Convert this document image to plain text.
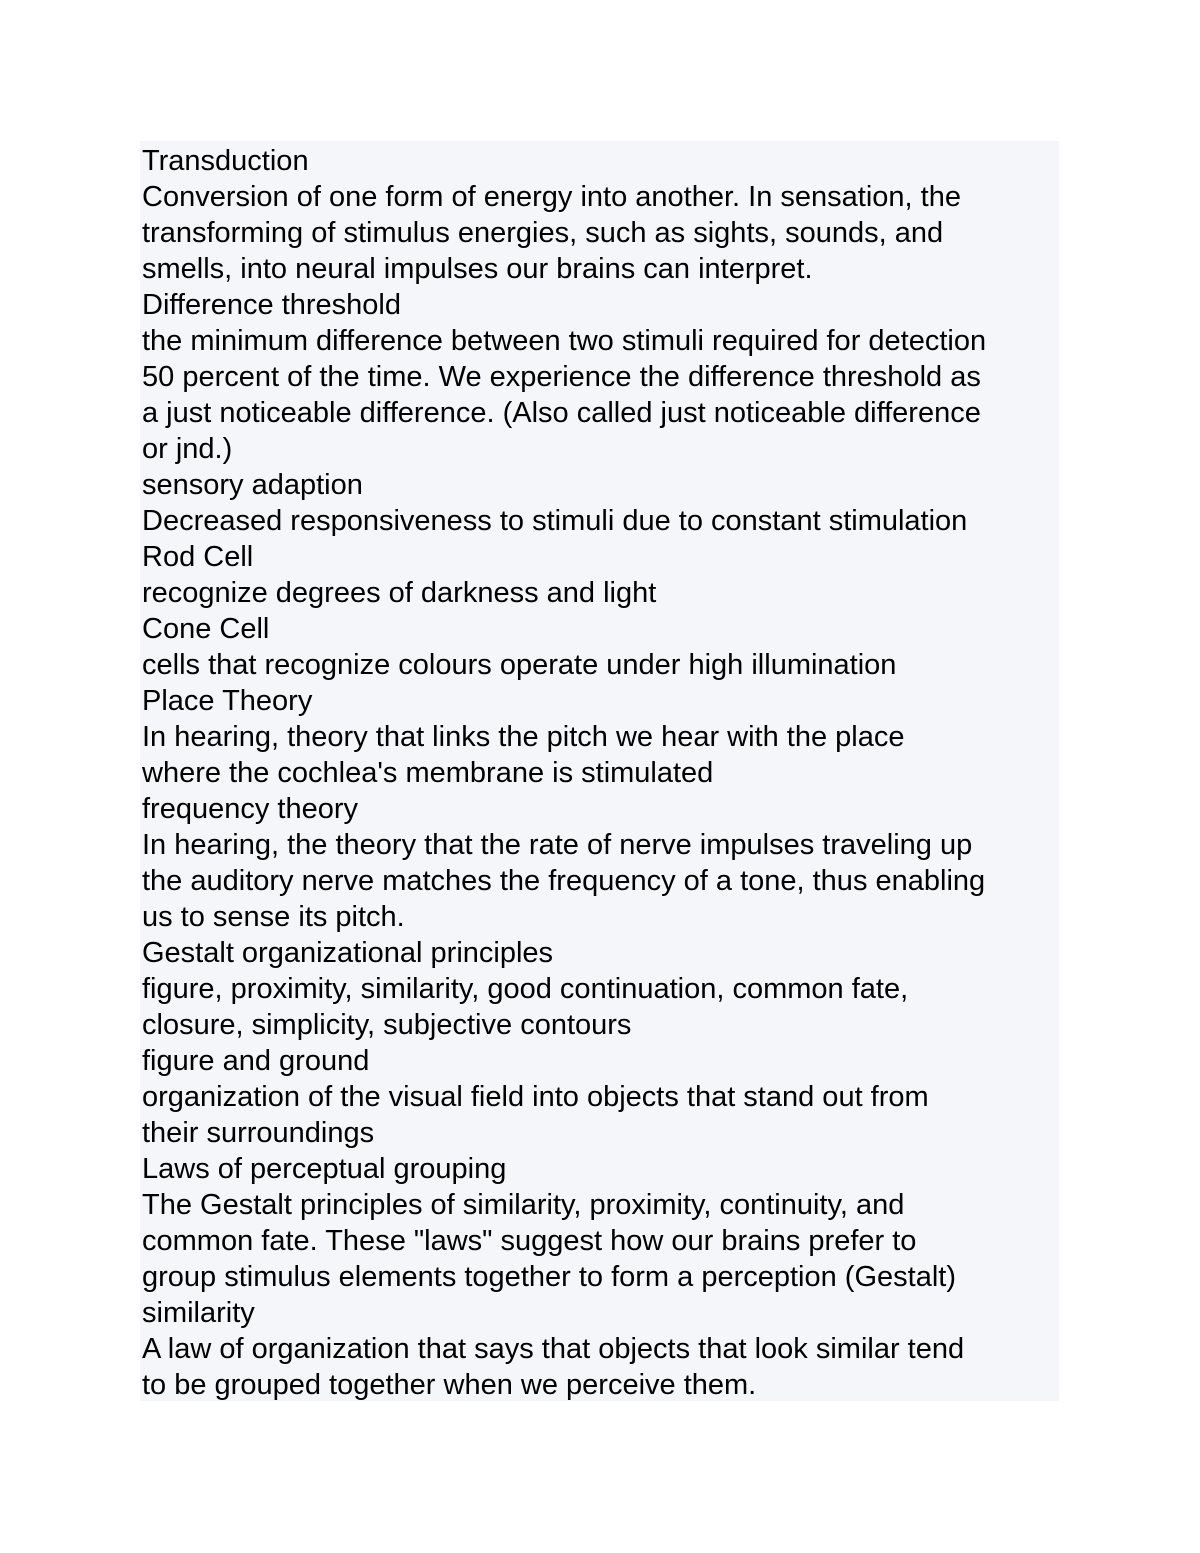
Transduction
Conversion of one form of energy into another. In sensation, the
transforming of stimulus energies, such as sights, sounds, and
smells, into neural impulses our brains can interpret.
Difference threshold
the minimum difference between two stimuli required for detection
50 percent of the time. We experience the difference threshold as
a just noticeable difference. (Also called just noticeable difference
or jnd.)
sensory adaption
Decreased responsiveness to stimuli due to constant stimulation
Rod Cell
recognize degrees of darkness and light
Cone Cell
cells that recognize colours operate under high illumination
Place Theory
In hearing, theory that links the pitch we hear with the place
where the cochlea's membrane is stimulated
frequency theory
In hearing, the theory that the rate of nerve impulses traveling up
the auditory nerve matches the frequency of a tone, thus enabling
us to sense its pitch.
Gestalt organizational principles
figure, proximity, similarity, good continuation, common fate,
closure, simplicity, subjective contours
figure and ground
organization of the visual field into objects that stand out from
their surroundings
Laws of perceptual grouping
The Gestalt principles of similarity, proximity, continuity, and
common fate. These "laws" suggest how our brains prefer to
group stimulus elements together to form a perception (Gestalt)
similarity
A law of organization that says that objects that look similar tend
to be grouped together when we perceive them.
